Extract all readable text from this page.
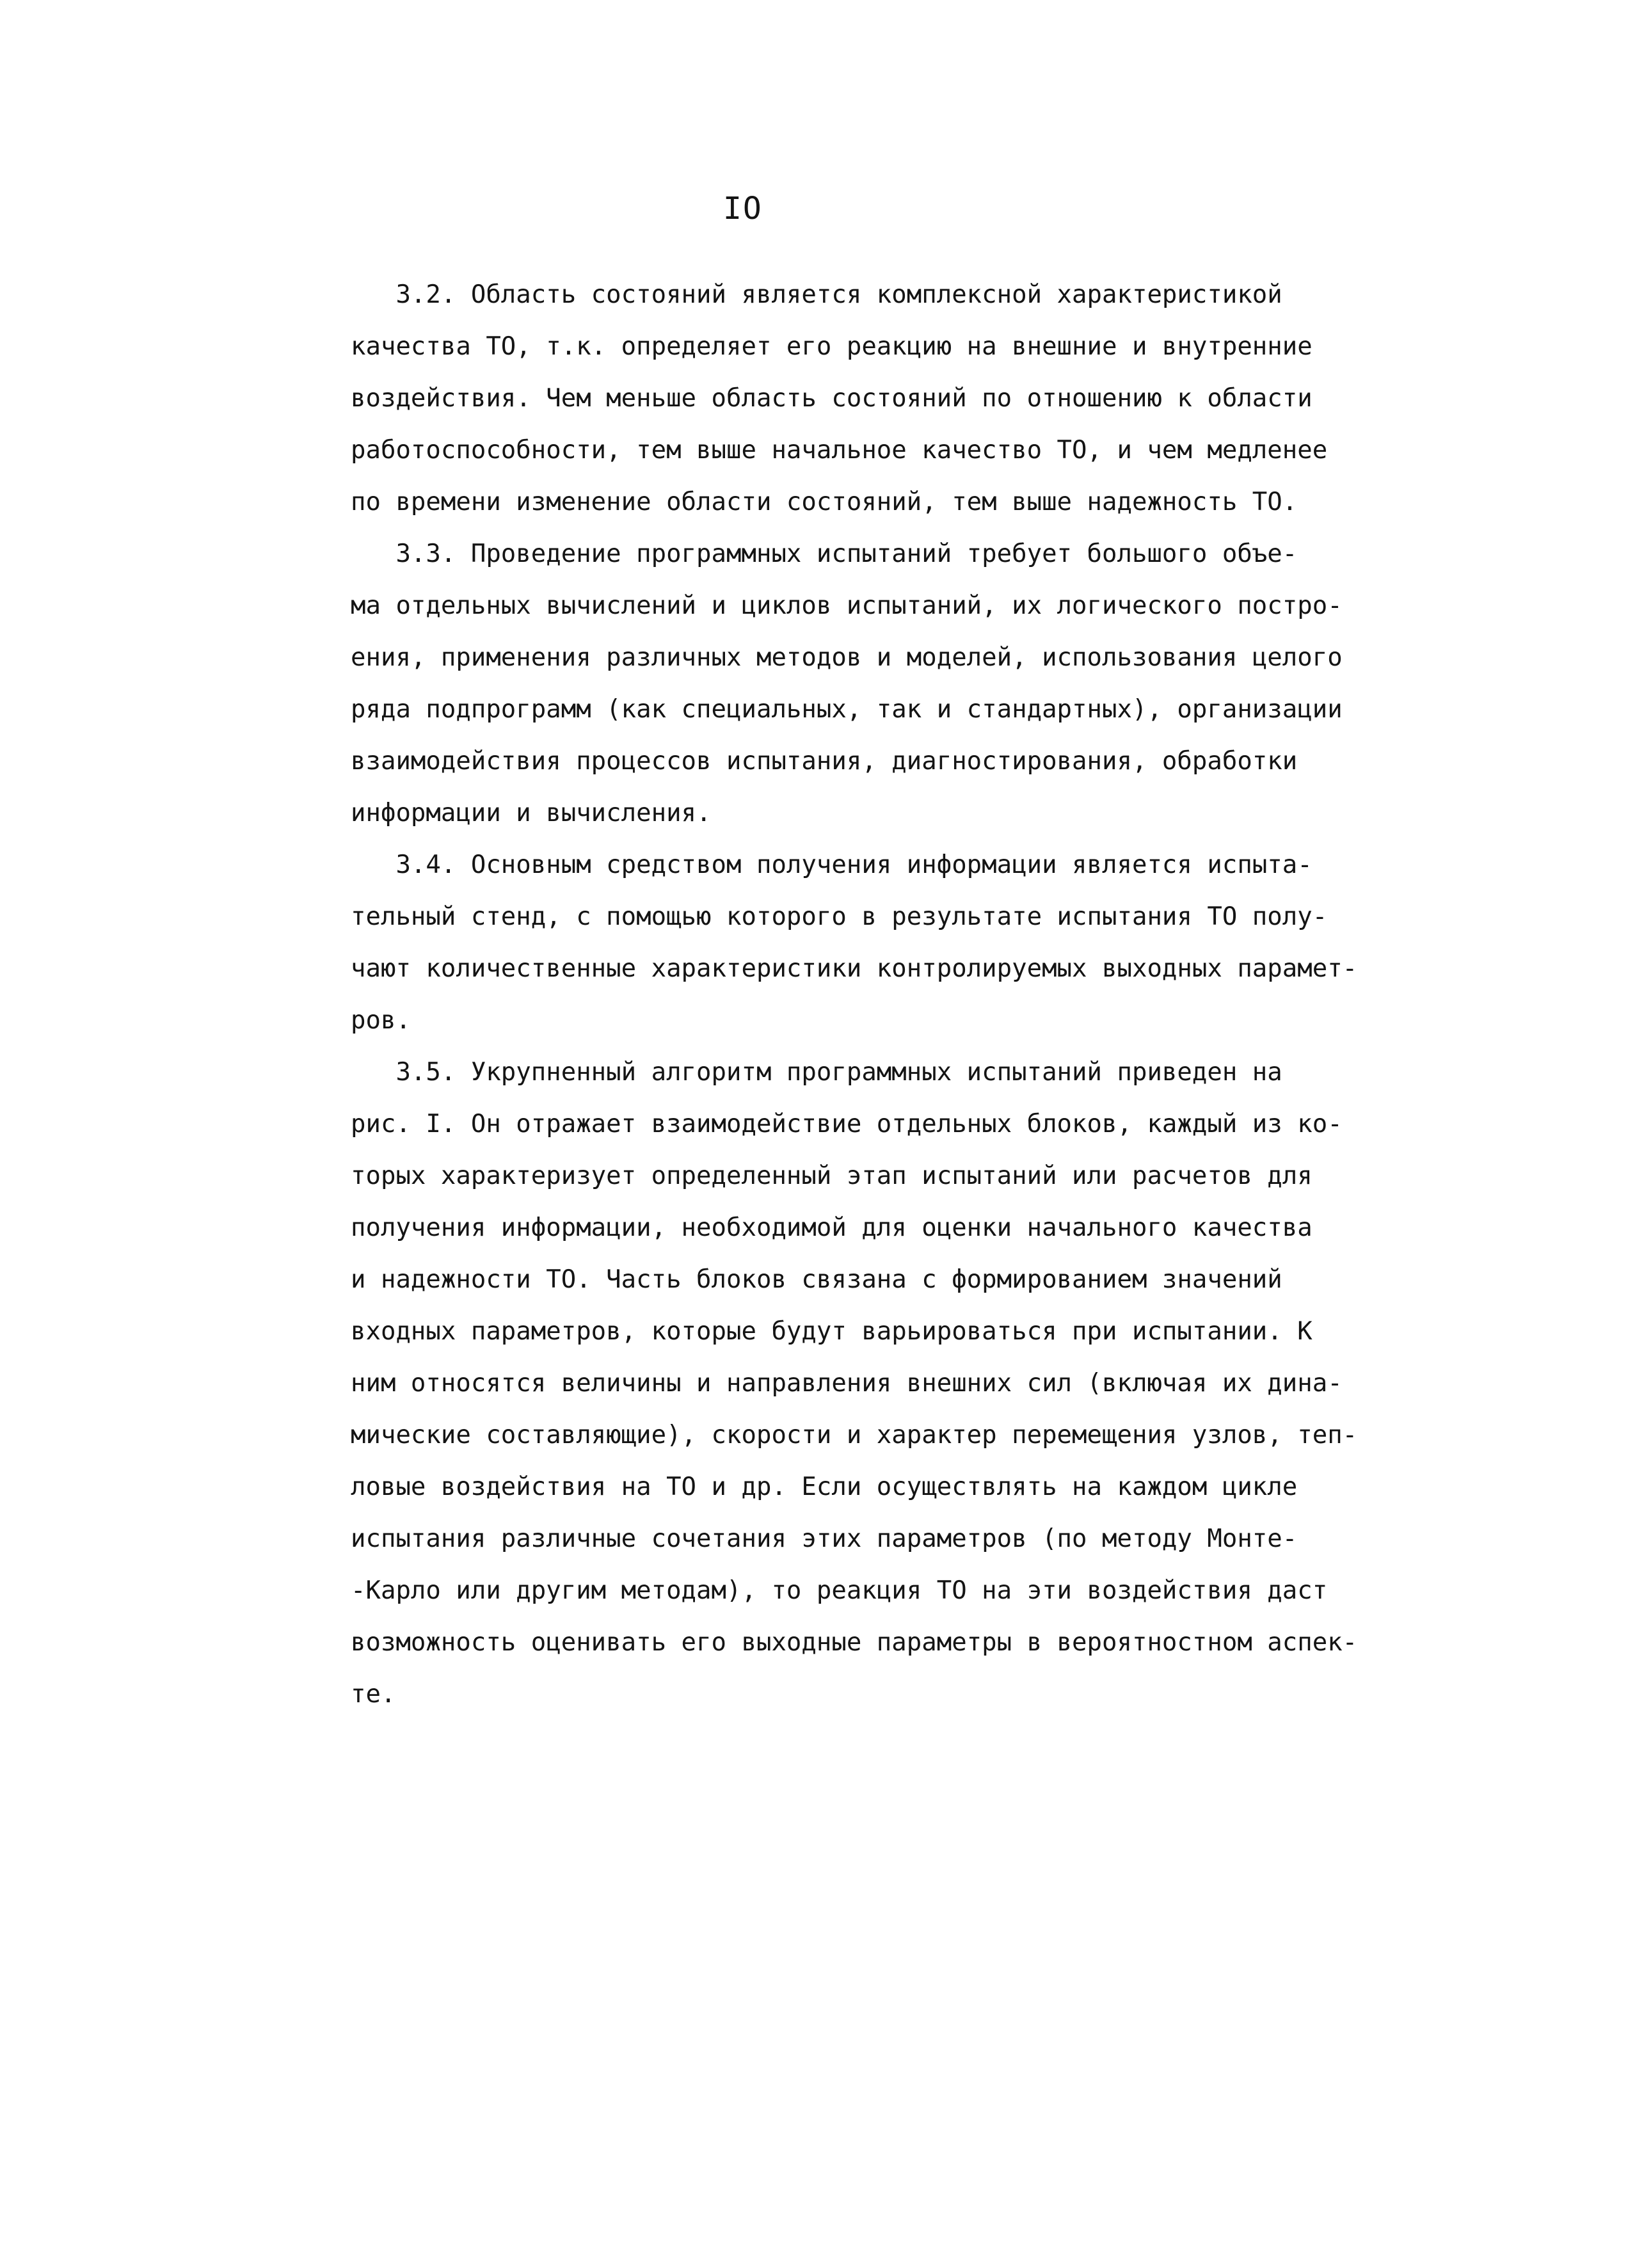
IO
3.2. Область состояний является комплексной характеристикой
качества ТО, т.к. определяет его реакцию на внешние и внутренние
воздействия. Чем меньше область состояний по отношению к области
работоспособности, тем выше начальное качество ТО, и чем медленее
по времени изменение области состояний, тем выше надежность ТО.
3.3. Проведение программных испытаний требует большого объе-
ма отдельных вычислений и циклов испытаний, их логического постро-
ения, применения различных методов и моделей, использования целого
ряда подпрограмм (как специальных, так и стандартных), организации
взаимодействия процессов испытания, диагностирования, обработки
информации и вычисления.
3.4. Основным средством получения информации является испыта-
тельный стенд, с помощью которого в результате испытания ТО полу-
чают количественные характеристики контролируемых выходных парамет-
ров.
3.5. Укрупненный алгоритм программных испытаний приведен на
рис. I. Он отражает взаимодействие отдельных блоков, каждый из ко-
торых характеризует определенный этап испытаний или расчетов для
получения информации, необходимой для оценки начального качества
и надежности ТО. Часть блоков связана с формированием значений
входных параметров, которые будут варьироваться при испытании. К
ним относятся величины и направления внешних сил (включая их дина-
мические составляющие), скорости и характер перемещения узлов, теп-
ловые воздействия на ТО и др. Если осуществлять на каждом цикле
испытания различные сочетания этих параметров (по методу Монте-
-Карло или другим методам), то реакция ТО на эти воздействия даст
возможность оценивать его выходные параметры в вероятностном аспек-
те.
